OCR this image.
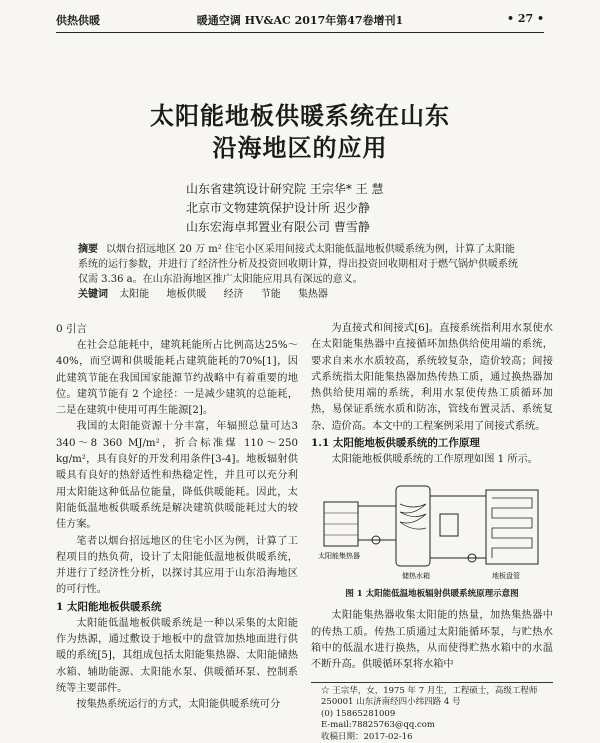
供热供暖	暖通空调 HV&AC 2017年第47卷增刊1	• 27 •
太阳能地板供暖系统在山东
沿海地区的应用
山东省建筑设计研究院 王宗华* 王 慧
北京市文物建筑保护设计所 迟少静
山东宏海卓邦置业有限公司 曹雪静

摘要 以烟台招远地区 20 万 m² 住宅小区采用间接式太阳能低温地板供暖系统为例，计算了太阳能系统的运行参数，并进行了经济性分析及投资回收期计算，得出投资回收期相对于燃气锅炉供暖系统仅需 3.36 a。在山东沿海地区推广太阳能应用具有深远的意义。

关键词 太阳能 地板供暖 经济 节能 集热器

0 引言

在社会总能耗中，建筑耗能所占比例高达25%～40%，而空调和供暖能耗占建筑能耗的70%[1]，因此建筑节能在我国国家能源节约战略中有着重要的地位。建筑节能有 2 个途径：一是减少建筑的总能耗，二是在建筑中使用可再生能源[2]。

我国的太阳能资源十分丰富，年辐照总量可达3 340～8 360 MJ/m²，折合标准煤 110～250 kg/m²，具有良好的开发利用条件[3-4]。地板辐射供暖具有良好的热舒适性和热稳定性，并且可以充分利用太阳能这种低品位能量，降低供暖能耗。因此，太阳能低温地板供暖系统是解决建筑供暖能耗过大的较佳方案。

笔者以烟台招远地区的住宅小区为例，计算了工程项目的热负荷，设计了太阳能低温地板供暖系统，并进行了经济性分析，以探讨其应用于山东沿海地区的可行性。

1 太阳能地板供暖系统

太阳能低温地板供暖系统是一种以采集的太阳能作为热源，通过敷设于地板中的盘管加热地面进行供暖的系统[5]，其组成包括太阳能集热器、太阳能储热水箱、辅助能源、太阳能水泵、供暖循环泵、控制系统等主要部件。

按集热系统运行的方式，太阳能供暖系统可分

为直接式和间接式[6]。直接系统指利用水泵使水在太阳能集热器中直接循环加热供给使用端的系统，要求自来水水质较高，系统较复杂，造价较高；间接式系统指太阳能集热器加热传热工质，通过换热器加热供给使用端的系统，利用水泵使传热工质循环加热，易保证系统水质和防冻，管线布置灵活、系统复杂、造价高。本文中的工程案例采用了间接式系统。

1.1 太阳能地板供暖系统的工作原理

太阳能地板供暖系统的工作原理如图 1 所示。

太阳能集热器
储热水箱	地板盘管
图 1 太阳能低温地板辐射供暖系统原理示意图

太阳能集热器收集太阳能的热量，加热集热器中的传热工质。传热工质通过太阳能循环泵，与贮热水箱中的低温水进行换热，从而使得贮热水箱中的水温不断升高。供暖循环泵将水箱中

☆ 王宗华，女，1975 年 7 月生，工程硕士，高级工程师
250001 山东济南经四小纬四路 4 号
(0) 15865281009
E-mail:78825763@qq.com
收稿日期：2017-02-16
